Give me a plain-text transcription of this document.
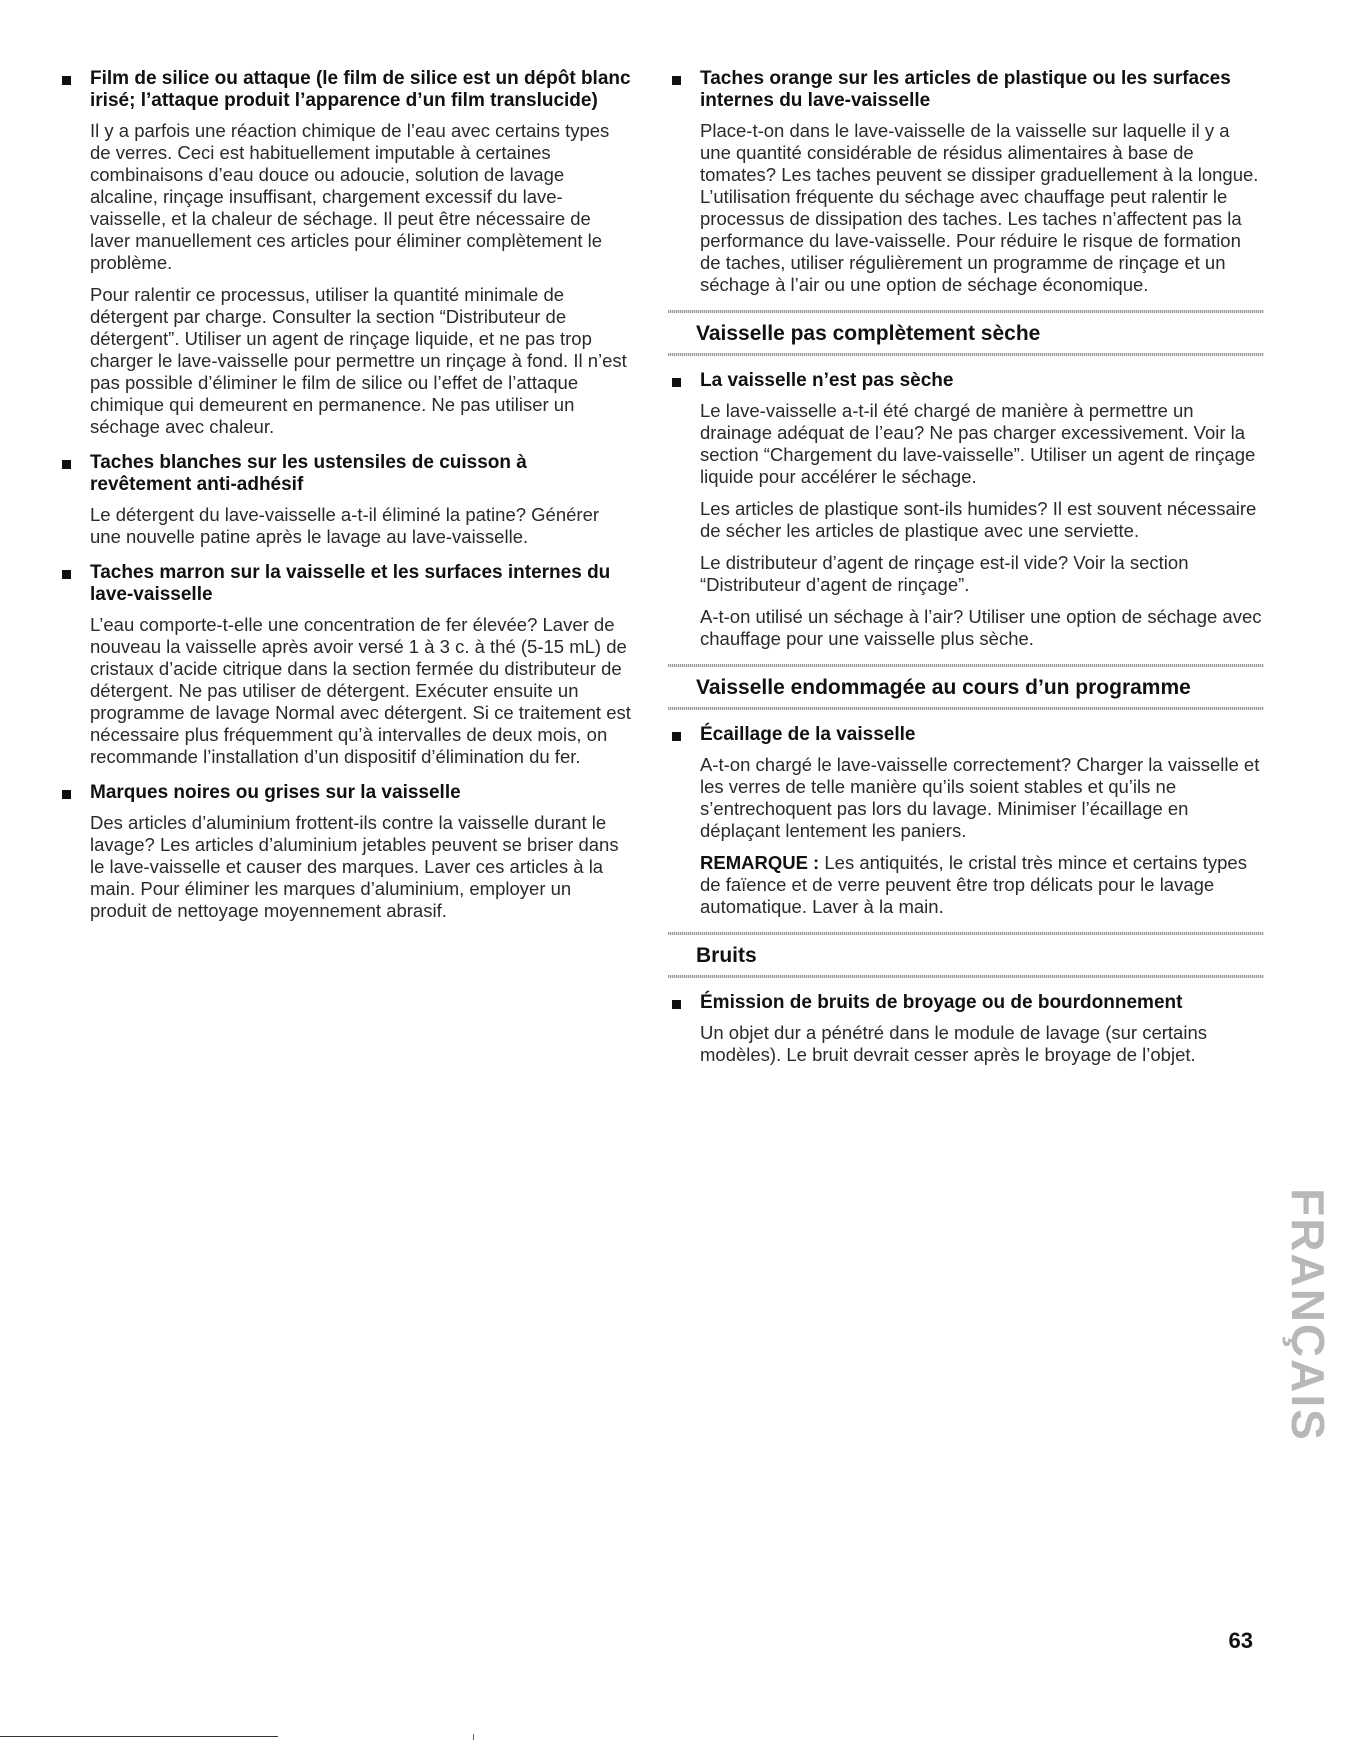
Film de silice ou attaque (le film de silice est un dépôt blanc irisé; l’attaque produit l’apparence d’un film translucide)

Il y a parfois une réaction chimique de l’eau avec certains types de verres. Ceci est habituellement imputable à certaines combinaisons d’eau douce ou adoucie, solution de lavage alcaline, rinçage insuffisant, chargement excessif du lave-vaisselle, et la chaleur de séchage. Il peut être nécessaire de laver manuellement ces articles pour éliminer complètement le problème.

Pour ralentir ce processus, utiliser la quantité minimale de détergent par charge. Consulter la section “Distributeur de détergent”. Utiliser un agent de rinçage liquide, et ne pas trop charger le lave-vaisselle pour permettre un rinçage à fond. Il n’est pas possible d’éliminer le film de silice ou l’effet de l’attaque chimique qui demeurent en permanence. Ne pas utiliser un séchage avec chaleur.

Taches blanches sur les ustensiles de cuisson à revêtement anti-adhésif

Le détergent du lave-vaisselle a-t-il éliminé la patine? Générer une nouvelle patine après le lavage au lave-vaisselle.

Taches marron sur la vaisselle et les surfaces internes du lave-vaisselle

L’eau comporte-t-elle une concentration de fer élevée? Laver de nouveau la vaisselle après avoir versé 1 à 3 c. à thé (5-15 mL) de cristaux d’acide citrique dans la section fermée du distributeur de détergent. Ne pas utiliser de détergent. Exécuter ensuite un programme de lavage Normal avec détergent. Si ce traitement est nécessaire plus fréquemment qu’à intervalles de deux mois, on recommande l’installation d’un dispositif d’élimination du fer.

Marques noires ou grises sur la vaisselle

Des articles d’aluminium frottent-ils contre la vaisselle durant le lavage? Les articles d’aluminium jetables peuvent se briser dans le lave-vaisselle et causer des marques. Laver ces articles à la main. Pour éliminer les marques d’aluminium, employer un produit de nettoyage moyennement abrasif.

Taches orange sur les articles de plastique ou les surfaces internes du lave-vaisselle

Place-t-on dans le lave-vaisselle de la vaisselle sur laquelle il y a une quantité considérable de résidus alimentaires à base de tomates? Les taches peuvent se dissiper graduellement à la longue. L’utilisation fréquente du séchage avec chauffage peut ralentir le processus de dissipation des taches. Les taches n’affectent pas la performance du lave-vaisselle. Pour réduire le risque de formation de taches, utiliser régulièrement un programme de rinçage et un séchage à l’air ou une option de séchage économique.

Vaisselle pas complètement sèche
La vaisselle n’est pas sèche

Le lave-vaisselle a-t-il été chargé de manière à permettre un drainage adéquat de l’eau? Ne pas charger excessivement. Voir la section “Chargement du lave-vaisselle”. Utiliser un agent de rinçage liquide pour accélérer le séchage.

Les articles de plastique sont-ils humides? Il est souvent nécessaire de sécher les articles de plastique avec une serviette.

Le distributeur d’agent de rinçage est-il vide? Voir la section “Distributeur d’agent de rinçage”.

A-t-on utilisé un séchage à l’air? Utiliser une option de séchage avec chauffage pour une vaisselle plus sèche.

Vaisselle endommagée au cours d’un programme
Écaillage de la vaisselle

A-t-on chargé le lave-vaisselle correctement? Charger la vaisselle et les verres de telle manière qu’ils soient stables et qu’ils ne s’entrechoquent pas lors du lavage. Minimiser l’écaillage en déplaçant lentement les paniers.

REMARQUE : Les antiquités, le cristal très mince et certains types de faïence et de verre peuvent être trop délicats pour le lavage automatique. Laver à la main.

Bruits
Émission de bruits de broyage ou de bourdonnement

Un objet dur a pénétré dans le module de lavage (sur certains modèles). Le bruit devrait cesser après le broyage de l’objet.

FRANÇAIS
63
